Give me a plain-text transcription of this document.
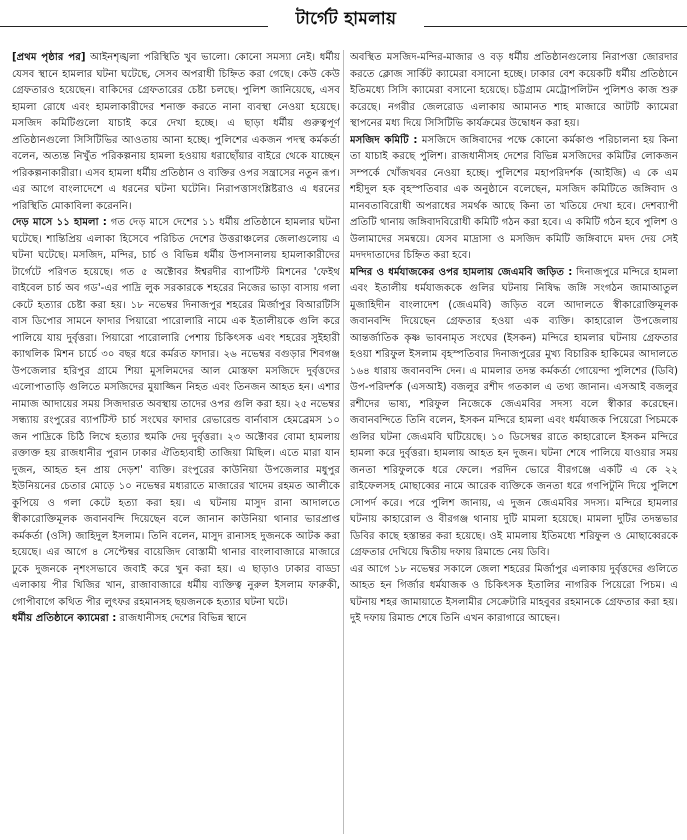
টার্গেট হামলায়

[প্রথম পৃষ্ঠার পর] আইনশৃঙ্খলা পরিস্থিতি খুব ভালো। কোনো সমস্যা নেই। ধর্মীয় যেসব স্থানে হামলার ঘটনা ঘটেছে, সেসব অপরাধী চিহ্নিত করা গেছে। কেউ কেউ গ্রেফতারও হয়েছেন। বাকিদের গ্রেফতারের চেষ্টা চলছে। পুলিশ জানিয়েছে, এসব হামলা রোধে এবং হামলাকারীদের শনাক্ত করতে নানা ব্যবস্থা নেওয়া হয়েছে। মসজিদ কমিটিগুলো যাচাই করে দেখা হচ্ছে। এ ছাড়া ধর্মীয় গুরুত্বপূর্ণ প্রতিষ্ঠানগুলো সিসিটিভির আওতায় আনা হচ্ছে। পুলিশের একজন পদস্থ কর্মকর্তা বলেন, অত্যন্ত নিখুঁত পরিকল্পনায় হামলা হওয়ায় ধরাছোঁয়ার বাইরে থেকে যাচ্ছেন পরিকল্পনাকারীরা। এসব হামলা ধর্মীয় প্রতিষ্ঠান ও ব্যক্তির ওপর সন্ত্রাসের নতুন রূপ। এর আগে বাংলাদেশে এ ধরনের ঘটনা ঘটেনি। নিরাপত্তাসংশ্লিষ্টরাও এ ধরনের পরিস্থিতি মোকাবিলা করেননি।

দেড় মাসে ১১ হামলা : গত দেড় মাসে দেশের ১১ ধর্মীয় প্রতিষ্ঠানে হামলার ঘটনা ঘটেছে। শান্তিপ্রিয় এলাকা হিসেবে পরিচিত দেশের উত্তরাঞ্চলের জেলাগুলোয় এ ঘটনা ঘটেছে। মসজিদ, মন্দির, চার্চ ও বিভিন্ন ধর্মীয় উপাসনালয় হামলাকারীদের টার্গেটে পরিণত হয়েছে। গত ৫ অক্টোবর ঈশ্বরদীর ব্যাপটিস্ট মিশনের 'ফেইথ বাইবেল চার্চ অব গড'-এর পাদ্রি লুক সরকারকে শহরের নিজের ভাড়া বাসায় গলা কেটে হত্যার চেষ্টা করা হয়। ১৮ নভেম্বর দিনাজপুর শহরের মির্জাপুর বিআরটিসি বাস ডিপোর সামনে ফাদার পিয়ারো পারোলারি নামে এক ইতালীয়কে গুলি করে পালিয়ে যায় দুর্বৃত্তরা। পিয়ারো পারোলারি পেশায় চিকিৎসক এবং শহরের সুইহারী ক্যাথলিক মিশন চার্চে ৩০ বছর ধরে কর্মরত ফাদার। ২৬ নভেম্বর বগুড়ার শিবগঞ্জ উপজেলার হরিপুর গ্রামে শিয়া মুসলিমদের আল মোস্তফা মসজিদে দুর্বৃত্তদের এলোপাতাড়ি গুলিতে মসজিদের মুয়াজ্জিন নিহত এবং তিনজন আহত হন। এশার নামাজ আদায়ের সময় সিজদারত অবস্থায় তাদের ওপর গুলি করা হয়। ২৫ নভেম্বর সন্ধ্যায় রংপুরের ব্যাপটিস্ট চার্চ সংঘের ফাদার রেভারেন্ড বার্নাবাস হেমব্রেমস ১০ জন পাদ্রিকে চিঠি লিখে হত্যার হুমকি দেয় দুর্বৃত্তরা। ২৩ অক্টোবর বোমা হামলায় রক্তাক্ত হয় রাজধানীর পুরান ঢাকার ঐতিহ্যবাহী তাজিয়া মিছিল। এতে মারা যান দুজন, আহত হন প্রায় দেড়শ' ব্যক্তি। রংপুরের কাউনিয়া উপজেলার মধুপুর ইউনিয়নের চেতার মোড়ে ১০ নভেম্বর মধ্যরাতে মাজারের খাদেম রহমত আলীকে কুপিয়ে ও গলা কেটে হত্যা করা হয়। এ ঘটনায় মাসুদ রানা আদালতে স্বীকারোক্তিমূলক জবানবন্দি দিয়েছেন বলে জানান কাউনিয়া থানার ভারপ্রাপ্ত কর্মকর্তা (ওসি) জাহিদুল ইসলাম। তিনি বলেন, মাসুদ রানাসহ দুজনকে আটক করা হয়েছে। এর আগে ৪ সেপ্টেম্বর বায়েজিদ বোস্তামী থানার বাংলাবাজারে মাজারে ঢুকে দুজনকে নৃশংসভাবে জবাই করে খুন করা হয়। এ ছাড়াও ঢাকার বাড্ডা এলাকায় পীর খিজির খান, রাজাবাজারে ধর্মীয় ব্যক্তিত্ব নুরুল ইসলাম ফারুকী, গোপীবাগে কথিত পীর লুৎফর রহমানসহ ছয়জনকে হত্যার ঘটনা ঘটে।

ধর্মীয় প্রতিষ্ঠানে ক্যামেরা : রাজধানীসহ দেশের বিভিন্ন স্থানে

অবস্থিত মসজিদ-মন্দির-মাজার ও বড় ধর্মীয় প্রতিষ্ঠানগুলোয় নিরাপত্তা জোরদার করতে ক্লোজ সার্কিট ক্যামেরা বসানো হচ্ছে। ঢাকার বেশ কয়েকটি ধর্মীয় প্রতিষ্ঠানে ইতিমধ্যে সিসি ক্যামেরা বসানো হয়েছে। চট্টগ্রাম মেট্রোপলিটন পুলিশও কাজ শুরু করেছে। নগরীর জেলরোড এলাকায় আমানত শাহ মাজারে আটটি ক্যামেরা স্থাপনের মধ্য দিয়ে সিসিটিভি কার্যক্রমের উদ্বোধন করা হয়।

মসজিদ কমিটি : মসজিদে জঙ্গিবাদের পক্ষে কোনো কর্মকাণ্ড পরিচালনা হয় কিনা তা যাচাই করছে পুলিশ। রাজধানীসহ দেশের বিভিন্ন মসজিদের কমিটির লোকজন সম্পর্কে খোঁজখবর নেওয়া হচ্ছে। পুলিশের মহাপরিদর্শক (আইজি) এ কে এম শহীদুল হক বৃহস্পতিবার এক অনুষ্ঠানে বলেছেন, মসজিদ কমিটিতে জঙ্গিবাদ ও মানবতাবিরোধী অপরাধের সমর্থক আছে কিনা তা খতিয়ে দেখা হবে। দেশব্যাপী প্রতিটি থানায় জঙ্গিবাদবিরোধী কমিটি গঠন করা হবে। এ কমিটি গঠন হবে পুলিশ ও উলামাদের সমন্বয়ে। যেসব মাদ্রাসা ও মসজিদ কমিটি জঙ্গিবাদে মদদ দেয় সেই মদদদাতাদের চিহ্নিত করা হবে।

মন্দির ও ধর্মযাজকের ওপর হামলায় জেএমবি জড়িত : দিনাজপুরে মন্দিরে হামলা এবং ইতালীয় ধর্মযাজককে গুলির ঘটনায় নিষিদ্ধ জঙ্গি সংগঠন জামাআতুল মুজাহিদীন বাংলাদেশ (জেএমবি) জড়িত বলে আদালতে স্বীকারোক্তিমূলক জবানবন্দি দিয়েছেন গ্রেফতার হওয়া এক ব্যক্তি। কাহারোল উপজেলায় আন্তর্জাতিক কৃষ্ণ ভাবনামৃত সংঘের (ইসকন) মন্দিরে হামলার ঘটনায় গ্রেফতার হওয়া শরিফুল ইসলাম বৃহস্পতিবার দিনাজপুরের মুখ্য বিচারিক হাকিমের আদালতে ১৬৪ ধারায় জবানবন্দি দেন। এ মামলার তদন্ত কর্মকর্তা গোয়েন্দা পুলিশের (ডিবি) উপ-পরিদর্শক (এসআই) বজলুর রশীদ গতকাল এ তথ্য জানান। এসআই বজলুর রশীদের ভাষ্য, শরিফুল নিজেকে জেএমবির সদস্য বলে স্বীকার করেছেন। জবানবন্দিতে তিনি বলেন, ইসকন মন্দিরে হামলা এবং ধর্মযাজক পিয়েরো পিচমকে গুলির ঘটনা জেএমবি ঘটিয়েছে। ১০ ডিসেম্বর রাতে কাহারোলে ইসকন মন্দিরে হামলা করে দুর্বৃত্তরা। হামলায় আহত হন দুজন। ঘটনা শেষে পালিয়ে যাওয়ার সময় জনতা শরিফুলকে ধরে ফেলে। পরদিন ভোরে বীরগঞ্জে একটি এ কে ২২ রাইফেলসহ মোছাব্বের নামে আরেক ব্যক্তিকে জনতা ধরে গণপিটুনি দিয়ে পুলিশে সোপর্দ করে। পরে পুলিশ জানায়, এ দুজন জেএমবির সদস্য। মন্দিরে হামলার ঘটনায় কাহারোল ও বীরগঞ্জ থানায় দুটি মামলা হয়েছে। মামলা দুটির তদন্তভার ডিবির কাছে হস্তান্তর করা হয়েছে। ওই মামলায় ইতিমধ্যে শরিফুল ও মোছাব্বেরকে গ্রেফতার দেখিয়ে দ্বিতীয় দফায় রিমান্ডে নেয় ডিবি।

এর আগে ১৮ নভেম্বর সকালে জেলা শহরের মির্জাপুর এলাকায় দুর্বৃত্তদের গুলিতে আহত হন গির্জার ধর্মযাজক ও চিকিৎসক ইতালির নাগরিক পিয়েরো পিচম। এ ঘটনায় শহর জামায়াতে ইসলামীর সেক্রেটারি মাহবুবর রহমানকে গ্রেফতার করা হয়। দুই দফায় রিমান্ড শেষে তিনি এখন কারাগারে আছেন।
